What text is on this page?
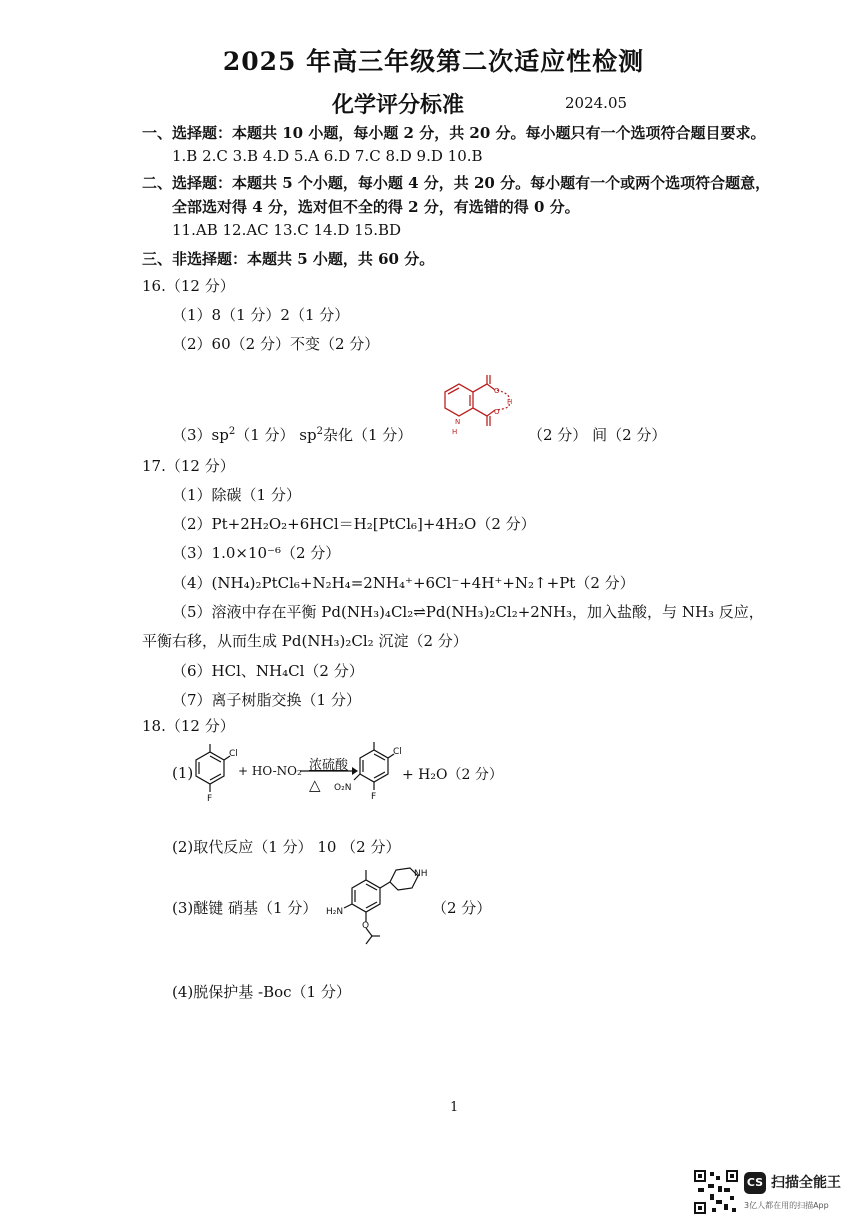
2025 年高三年级第二次适应性检测
化学评分标准	2024.05
一、选择题：本题共 10 小题，每小题 2 分，共 20 分。每小题只有一个选项符合题目要求。
1.B 2.C 3.B 4.D 5.A 6.D 7.C 8.D 9.D 10.B
二、选择题：本题共 5 个小题，每小题 4 分，共 20 分。每小题有一个或两个选项符合题意，
全部选对得 4 分，选对但不全的得 2 分，有选错的得 0 分。
11.AB 12.AC 13.C 14.D 15.BD
三、非选择题：本题共 5 小题，共 60 分。
16.（12 分）
（1）8（1 分）2（1 分）
（2）60（2 分）不变（2 分）
$(3)sp^2(1$ 分） $sp^2$杂化（1 分）
N
H
O
O
H
（2 分） 间（2 分）
17.（12 分）
（1）除碳（1 分）
（2）Pt+2H₂O₂+6HCl＝H₂[PtCl₆]+4H₂O（2 分）
（3）1.0×10⁻⁶（2 分）
（4）(NH₄)₂PtCl₆+N₂H₄=2NH₄⁺+6Cl⁻+4H⁺+N₂↑+Pt（2 分）
（5）溶液中存在平衡 Pd(NH₃)₄Cl₂⇌Pd(NH₃)₂Cl₂+2NH₃，加入盐酸，与 NH₃ 反应，
平衡右移，从而生成 Pd(NH₃)₂Cl₂ 沉淀（2 分）
（6）HCl、NH₄Cl（2 分）
（7）离子树脂交换（1 分）
18.（12 分）
(1)
Cl
F
+ HO-NO₂ 浓硫酸
△
Cl
F
O₂N
+ H₂O（2 分）
(2)取代反应（1 分） 10 （2 分）
(3)醚键 硝基（1 分）
NH
H₂N
O
（2 分）
(4)脱保护基 -Boc（1 分）
1
CS 扫描全能王
3亿人都在用的扫描App
